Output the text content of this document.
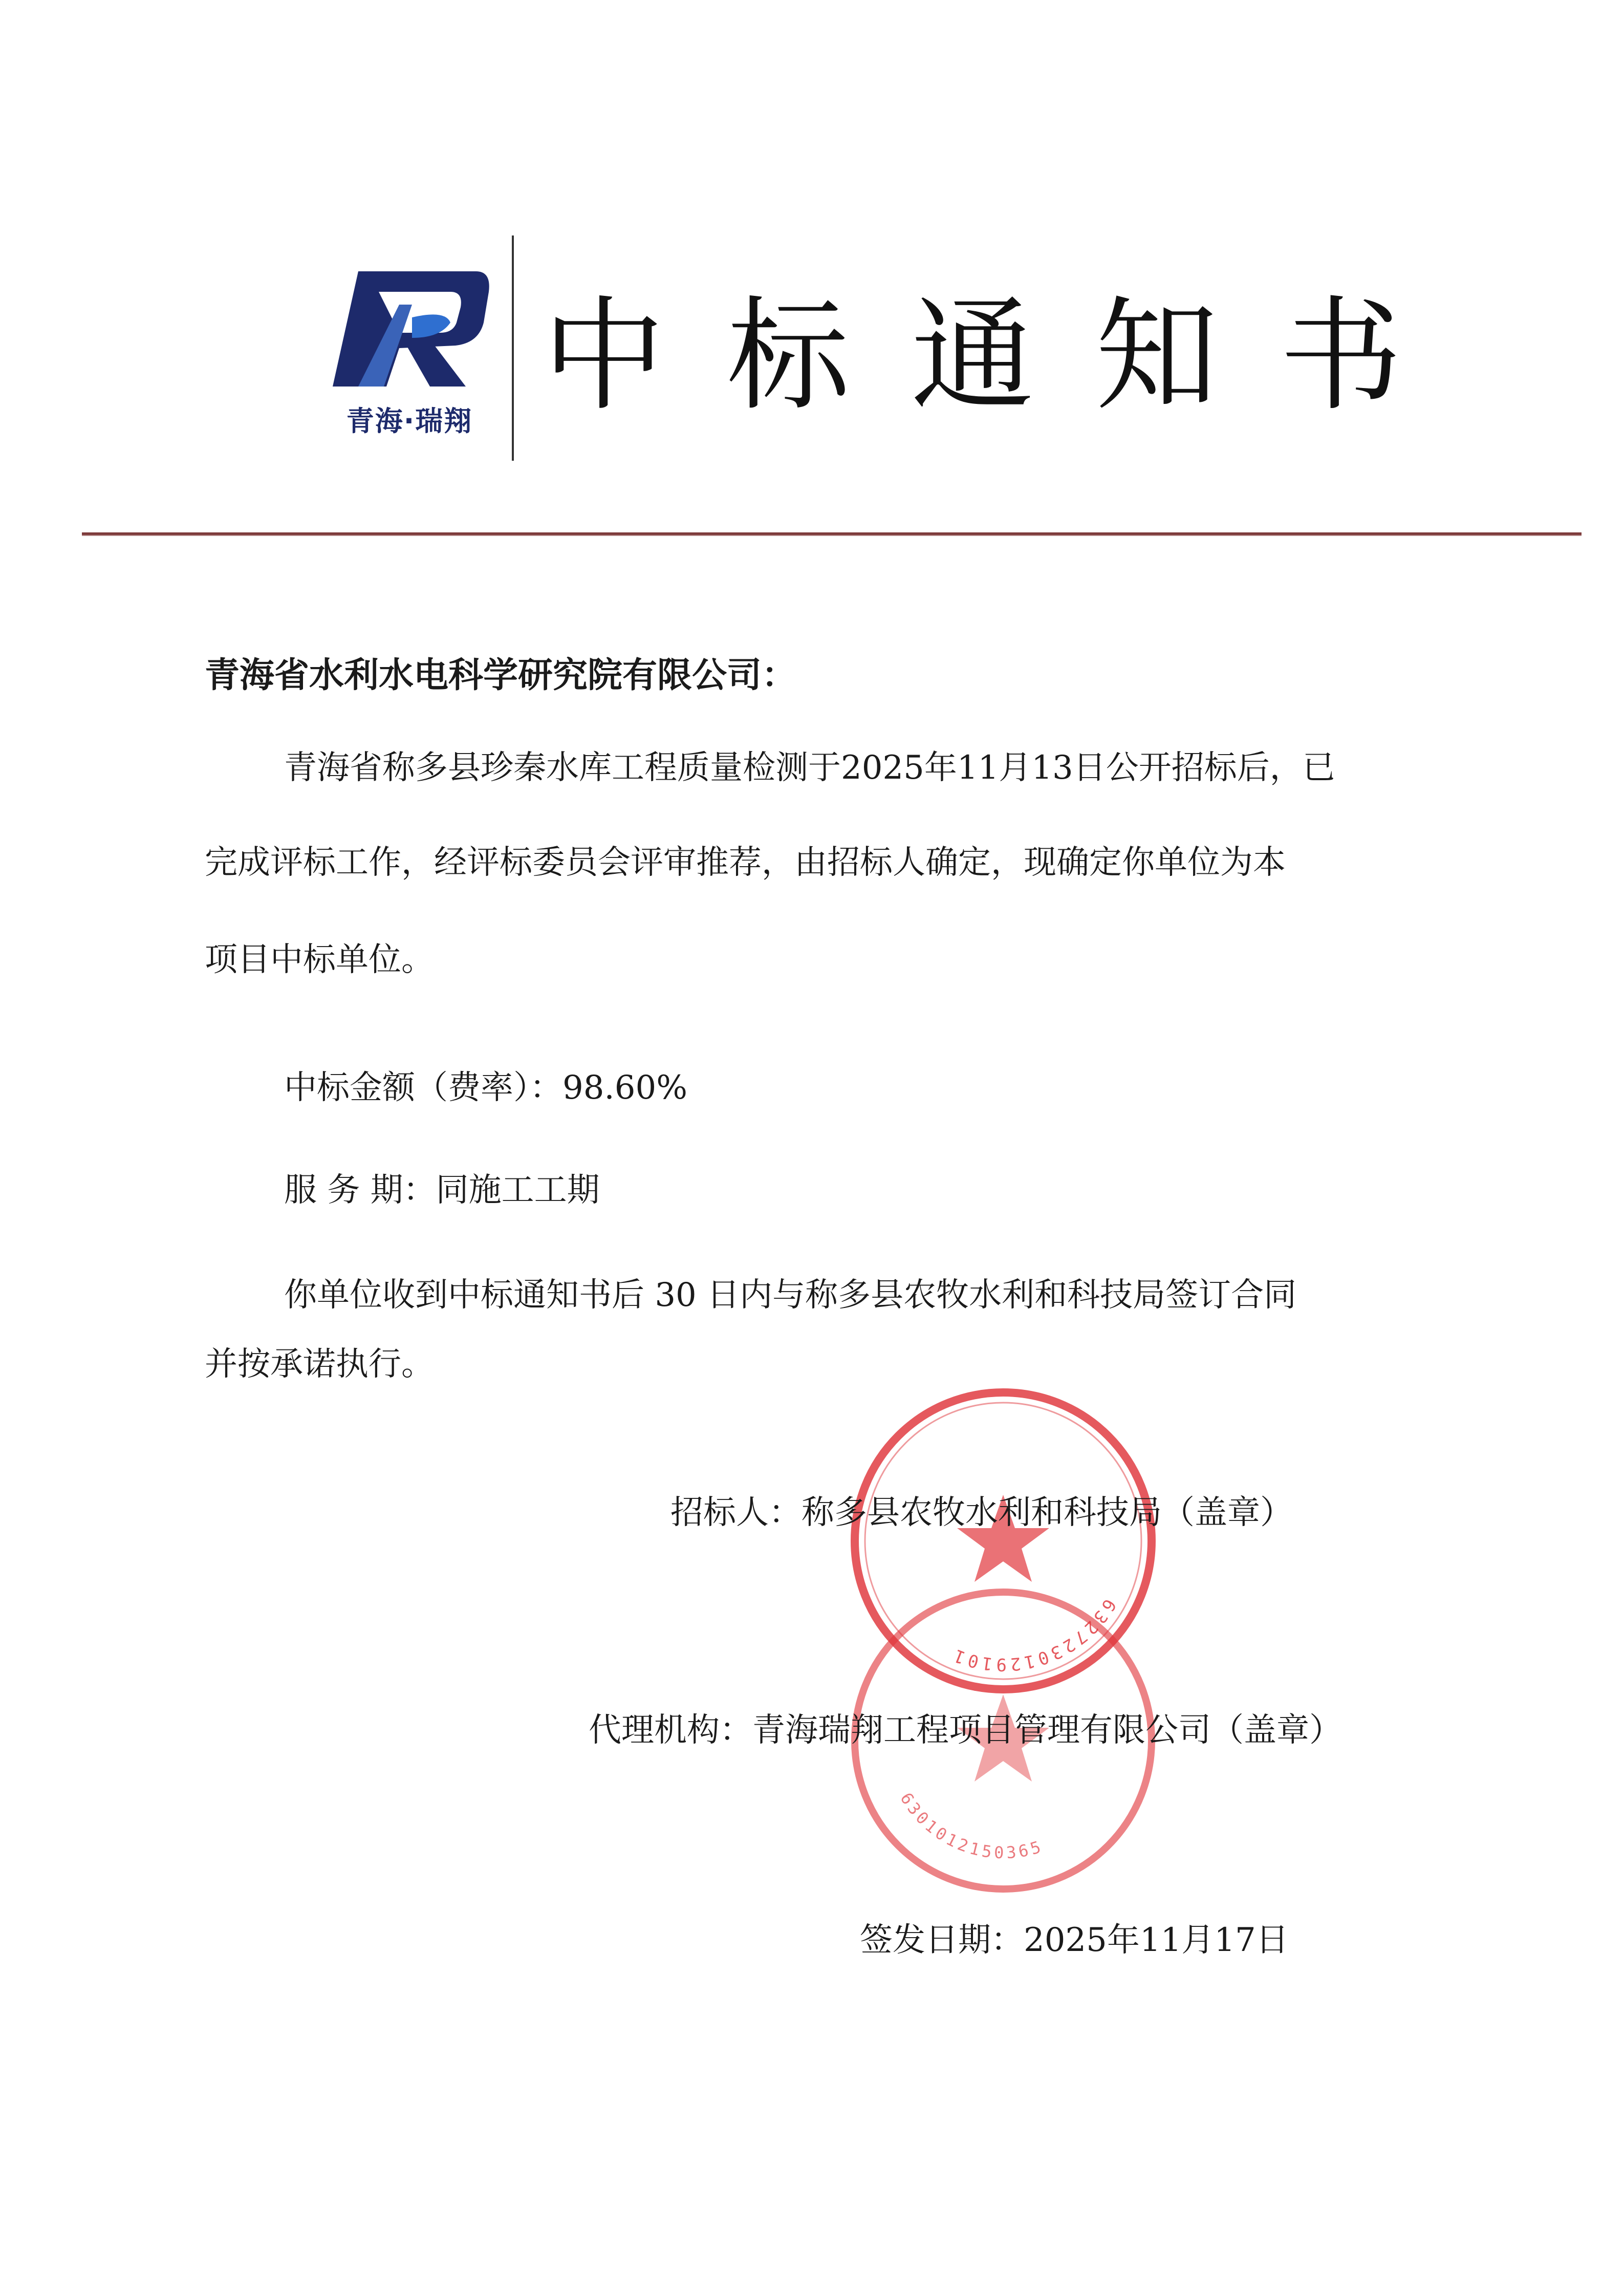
青海·瑞翔 中标通知书
青海省水利水电科学研究院有限公司：
青海省称多县珍秦水库工程质量检测于2025年11月13日公开招标后，已
完成评标工作，经评标委员会评审推荐，由招标人确定，现确定你单位为本
项目中标单位。
中标金额（费率）：98.60%
服 务 期：同施工工期
你单位收到中标通知书后 30 日内与称多县农牧水利和科技局签订合同
并按承诺执行。
6327230129101
6301012150365
招标人：称多县农牧水利和科技局（盖章）
代理机构：青海瑞翔工程项目管理有限公司（盖章）
签发日期：2025年11月17日
